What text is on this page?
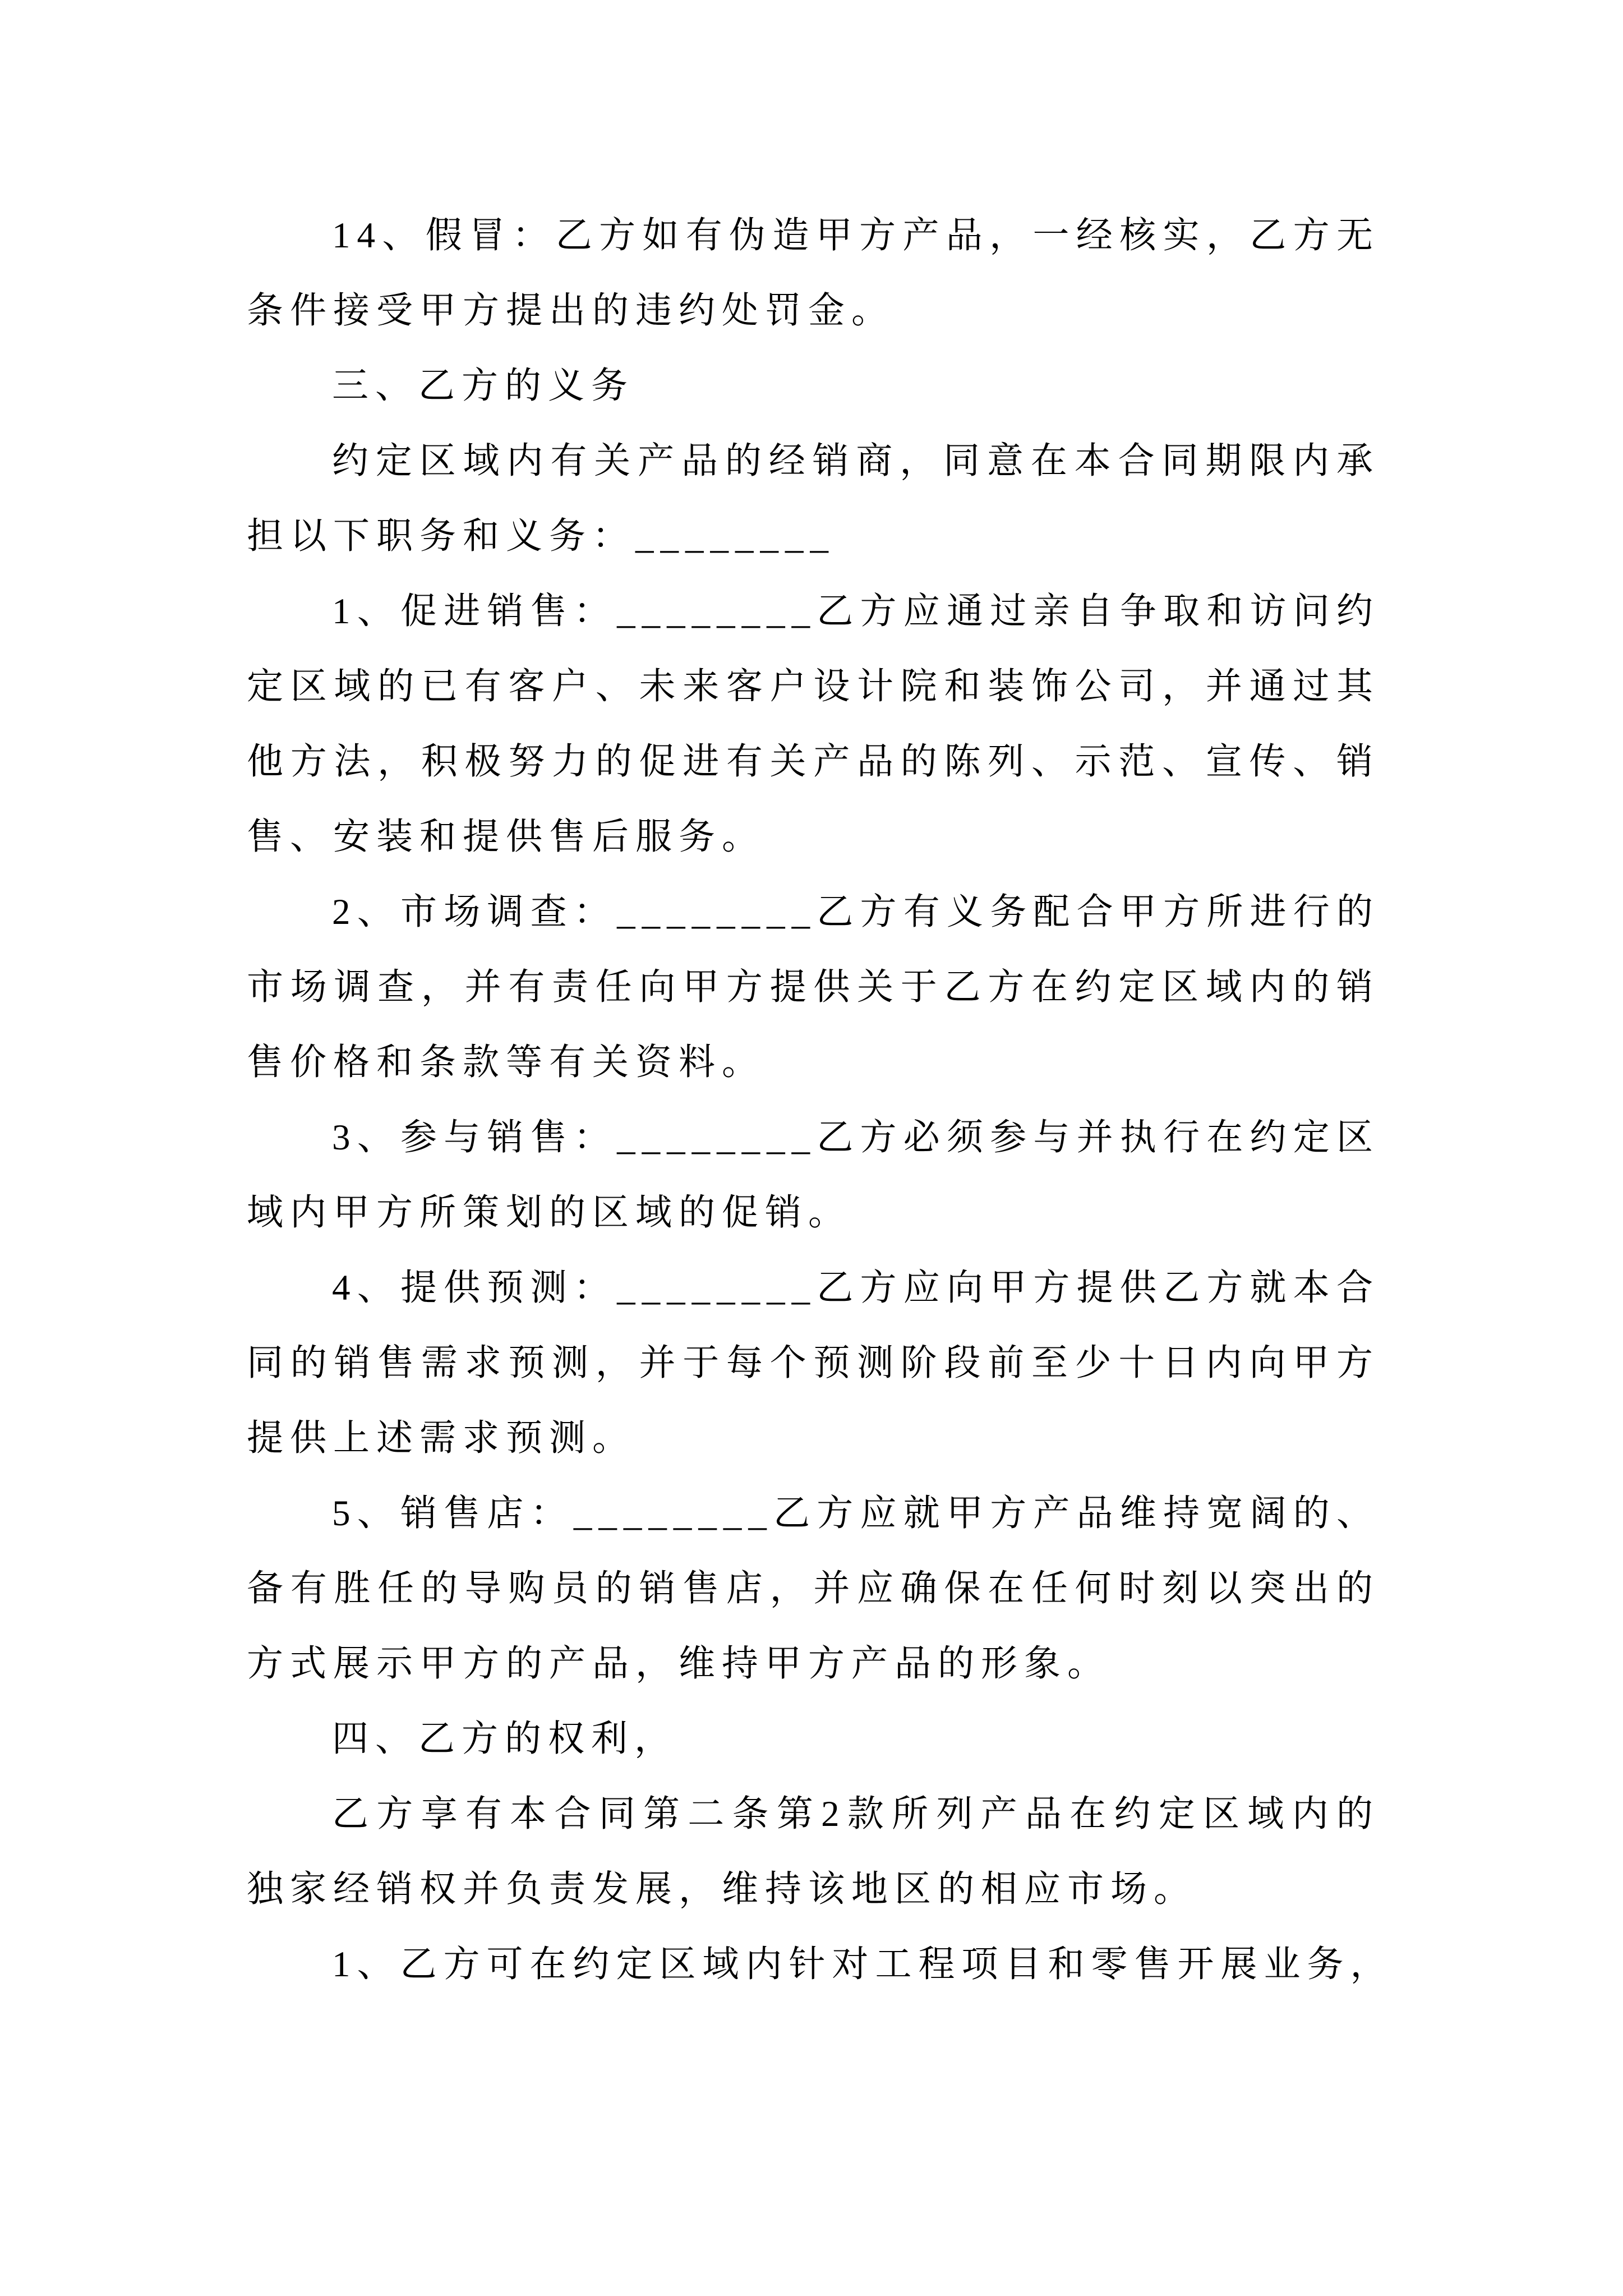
14、假冒：乙方如有伪造甲方产品，一经核实，乙方无
条件接受甲方提出的违约处罚金。
三、乙方的义务
约定区域内有关产品的经销商，同意在本合同期限内承
担以下职务和义务：________
1、促进销售：________乙方应通过亲自争取和访问约
定区域的已有客户、未来客户设计院和装饰公司，并通过其
他方法，积极努力的促进有关产品的陈列、示范、宣传、销
售、安装和提供售后服务。
2、市场调查：________乙方有义务配合甲方所进行的
市场调查，并有责任向甲方提供关于乙方在约定区域内的销
售价格和条款等有关资料。
3、参与销售：________乙方必须参与并执行在约定区
域内甲方所策划的区域的促销。
4、提供预测：________乙方应向甲方提供乙方就本合
同的销售需求预测，并于每个预测阶段前至少十日内向甲方
提供上述需求预测。
5、销售店：________乙方应就甲方产品维持宽阔的、
备有胜任的导购员的销售店，并应确保在任何时刻以突出的
方式展示甲方的产品，维持甲方产品的形象。
四、乙方的权利，
乙方享有本合同第二条第2款所列产品在约定区域内的
独家经销权并负责发展，维持该地区的相应市场。
1、乙方可在约定区域内针对工程项目和零售开展业务，
